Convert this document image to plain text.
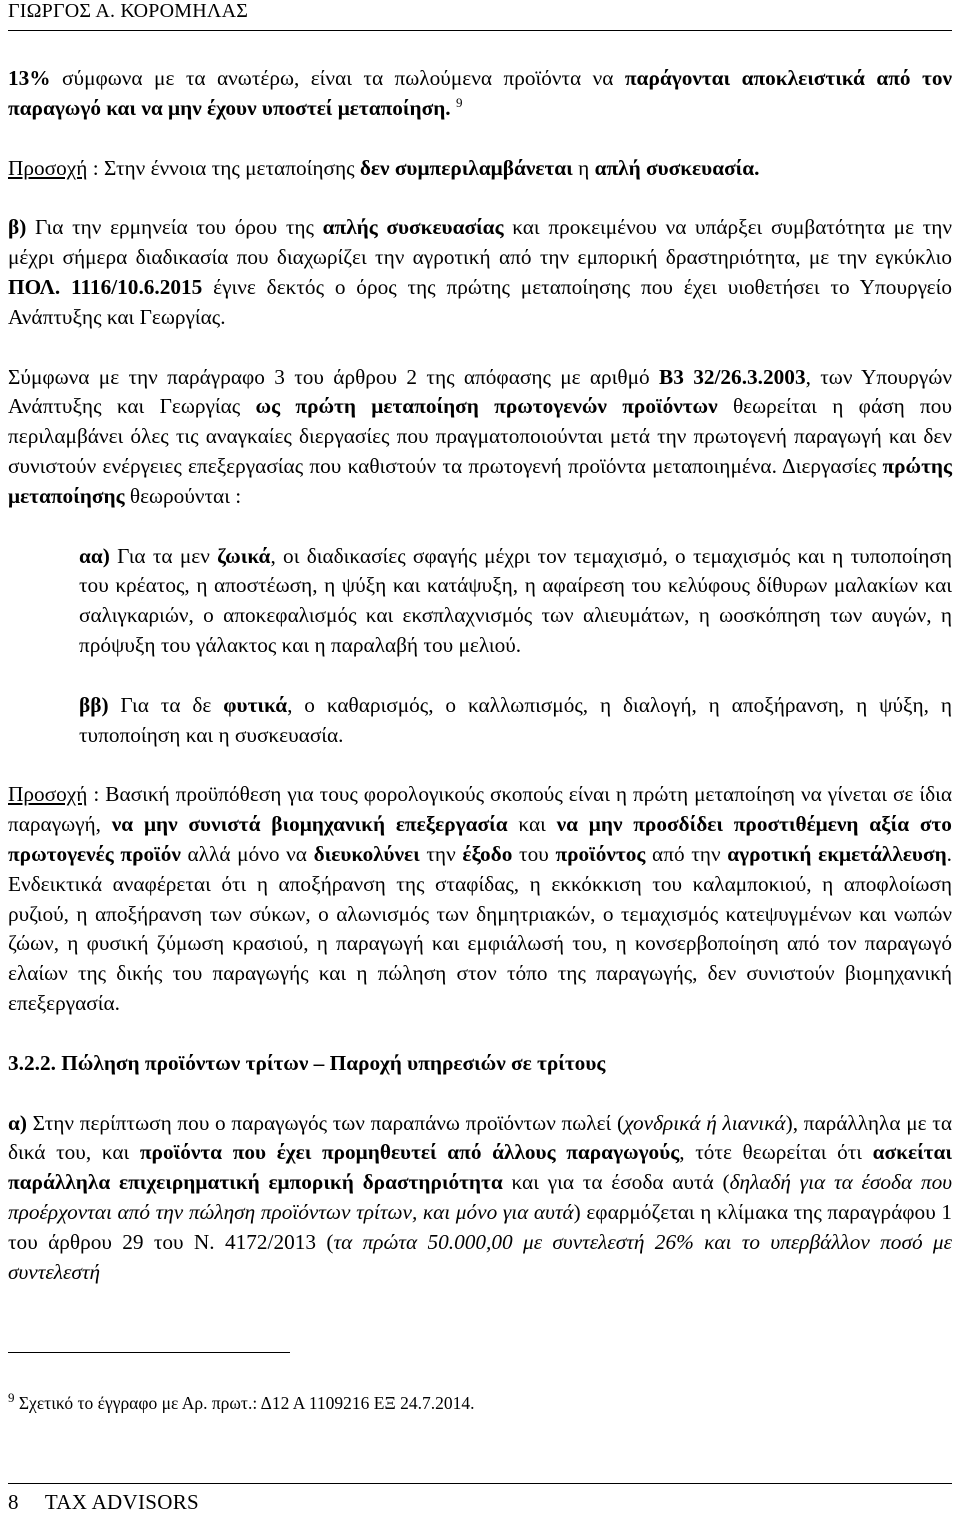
ΓΙΩΡΓΟΣ Α. ΚΟΡΟΜΗΛΑΣ

13% σύμφωνα με τα ανωτέρω, είναι τα πωλούμενα προϊόντα να παράγονται αποκλειστικά από τον παραγωγό και να μην έχουν υποστεί μεταποίηση. $^9$

Προσοχή : Στην έννοια της μεταποίησης δεν συμπεριλαμβάνεται η απλή συσκευασία.

β) Για την ερμηνεία του όρου της απλής συσκευασίας και προκειμένου να υπάρξει συμβατότητα με την μέχρι σήμερα διαδικασία που διαχωρίζει την αγροτική από την εμπορική δραστηριότητα, με την εγκύκλιο ΠΟΛ. 1116/10.6.2015 έγινε δεκτός ο όρος της πρώτης μεταποίησης που έχει υιοθετήσει το Υπουργείο Ανάπτυξης και Γεωργίας.

Σύμφωνα με την παράγραφο 3 του άρθρου 2 της απόφασης με αριθμό Β3 32/26.3.2003, των Υπουργών Ανάπτυξης και Γεωργίας ως πρώτη μεταποίηση πρωτογενών προϊόντων θεωρείται η φάση που περιλαμβάνει όλες τις αναγκαίες διεργασίες που πραγματοποιούνται μετά την πρωτογενή παραγωγή και δεν συνιστούν ενέργειες επεξεργασίας που καθιστούν τα πρωτογενή προϊόντα μεταποιημένα. Διεργασίες πρώτης μεταποίησης θεωρούνται :

αα) Για τα μεν ζωικά, οι διαδικασίες σφαγής μέχρι τον τεμαχισμό, ο τεμαχισμός και η τυποποίηση του κρέατος, η αποστέωση, η ψύξη και κατάψυξη, η αφαίρεση του κελύφους δίθυρων μαλακίων και σαλιγκαριών, ο αποκεφαλισμός και εκσπλαχνισμός των αλιευμάτων, η ωοσκόπηση των αυγών, η πρόψυξη του γάλακτος και η παραλαβή του μελιού.

ββ) Για τα δε φυτικά, ο καθαρισμός, ο καλλωπισμός, η διαλογή, η αποξήρανση, η ψύξη, η τυποποίηση και η συσκευασία.

Προσοχή : Βασική προϋπόθεση για τους φορολογικούς σκοπούς είναι η πρώτη μεταποίηση να γίνεται σε ίδια παραγωγή, να μην συνιστά βιομηχανική επεξεργασία και να μην προσδίδει προστιθέμενη αξία στο πρωτογενές προϊόν αλλά μόνο να διευκολύνει την έξοδο του προϊόντος από την αγροτική εκμετάλλευση. Ενδεικτικά αναφέρεται ότι η αποξήρανση της σταφίδας, η εκκόκκιση του καλαμποκιού, η αποφλοίωση ρυζιού, η αποξήρανση των σύκων, ο αλωνισμός των δημητριακών, ο τεμαχισμός κατεψυγμένων και νωπών ζώων, η φυσική ζύμωση κρασιού, η παραγωγή και εμφιάλωσή του, η κονσερβοποίηση από τον παραγωγό ελαίων της δικής του παραγωγής και η πώληση στον τόπο της παραγωγής, δεν συνιστούν βιομηχανική επεξεργασία.

3.2.2. Πώληση προϊόντων τρίτων – Παροχή υπηρεσιών σε τρίτους

α) Στην περίπτωση που ο παραγωγός των παραπάνω προϊόντων πωλεί (χονδρικά ή λιανικά), παράλληλα με τα δικά του, και προϊόντα που έχει προμηθευτεί από άλλους παραγωγούς, τότε θεωρείται ότι ασκείται παράλληλα επιχειρηματική εμπορική δραστηριότητα και για τα έσοδα αυτά (δηλαδή για τα έσοδα που προέρχονται από την πώληση προϊόντων τρίτων, και μόνο για αυτά) εφαρμόζεται η κλίμακα της παραγράφου 1 του άρθρου 29 του Ν. 4172/2013 (τα πρώτα 50.000,00 με συντελεστή 26% και το υπερβάλλον ποσό με συντελεστή

$^9$ Σχετικό το έγγραφο με Αρ. πρωτ.: Δ12 Α 1109216 ΕΞ 24.7.2014.
8 TAX ADVISORS
